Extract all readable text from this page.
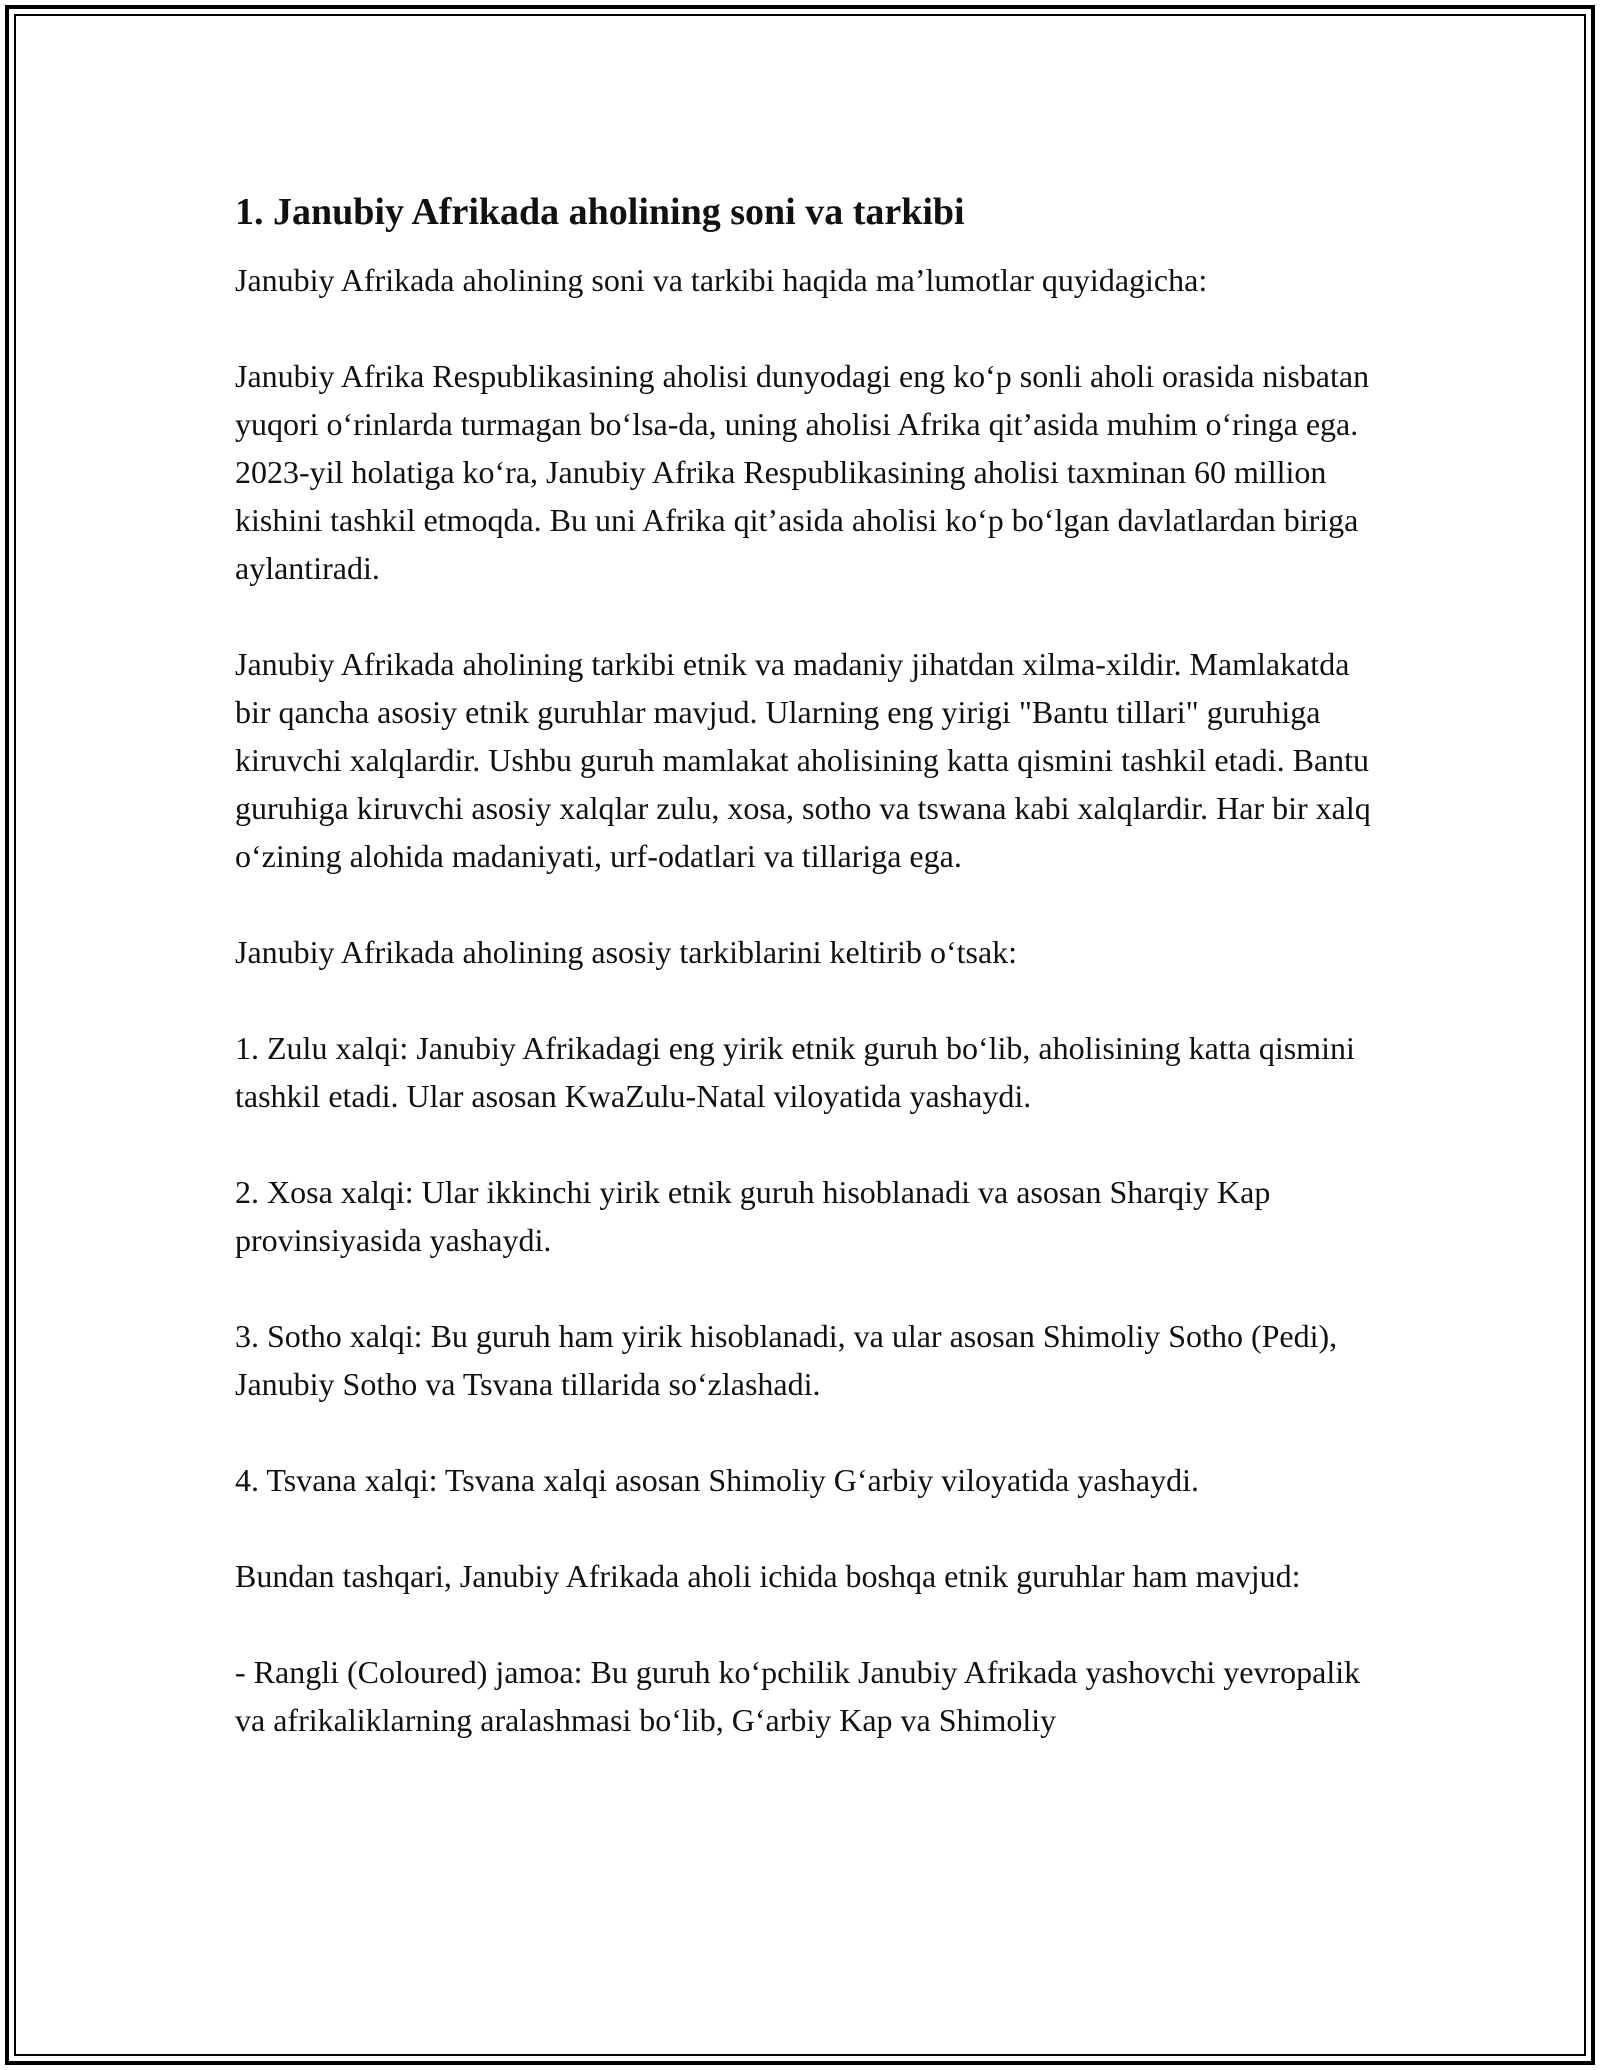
1. Janubiy Afrikada aholining soni va tarkibi

Janubiy Afrikada aholining soni va tarkibi haqida ma’lumotlar quyidagicha:

Janubiy Afrika Respublikasining aholisi dunyodagi eng ko‘p sonli aholi orasida nisbatan yuqori o‘rinlarda turmagan bo‘lsa-da, uning aholisi Afrika qit’asida muhim o‘ringa ega. 2023-yil holatiga ko‘ra, Janubiy Afrika Respublikasining aholisi taxminan 60 million kishini tashkil etmoqda. Bu uni Afrika qit’asida aholisi ko‘p bo‘lgan davlatlardan biriga aylantiradi.

Janubiy Afrikada aholining tarkibi etnik va madaniy jihatdan xilma-xildir. Mamlakatda bir qancha asosiy etnik guruhlar mavjud. Ularning eng yirigi "Bantu tillari" guruhiga kiruvchi xalqlardir. Ushbu guruh mamlakat aholisining katta qismini tashkil etadi. Bantu guruhiga kiruvchi asosiy xalqlar zulu, xosa, sotho va tswana kabi xalqlardir. Har bir xalq o‘zining alohida madaniyati, urf-odatlari va tillariga ega.

Janubiy Afrikada aholining asosiy tarkiblarini keltirib o‘tsak:

1. Zulu xalqi: Janubiy Afrikadagi eng yirik etnik guruh bo‘lib, aholisining katta qismini tashkil etadi. Ular asosan KwaZulu-Natal viloyatida yashaydi.

2. Xosa xalqi: Ular ikkinchi yirik etnik guruh hisoblanadi va asosan Sharqiy Kap provinsiyasida yashaydi.

3. Sotho xalqi: Bu guruh ham yirik hisoblanadi, va ular asosan Shimoliy Sotho (Pedi), Janubiy Sotho va Tsvana tillarida so‘zlashadi.

4. Tsvana xalqi: Tsvana xalqi asosan Shimoliy G‘arbiy viloyatida yashaydi.

Bundan tashqari, Janubiy Afrikada aholi ichida boshqa etnik guruhlar ham mavjud:

- Rangli (Coloured) jamoa: Bu guruh ko‘pchilik Janubiy Afrikada yashovchi yevropalik va afrikaliklarning aralashmasi bo‘lib, G‘arbiy Kap va Shimoliy
